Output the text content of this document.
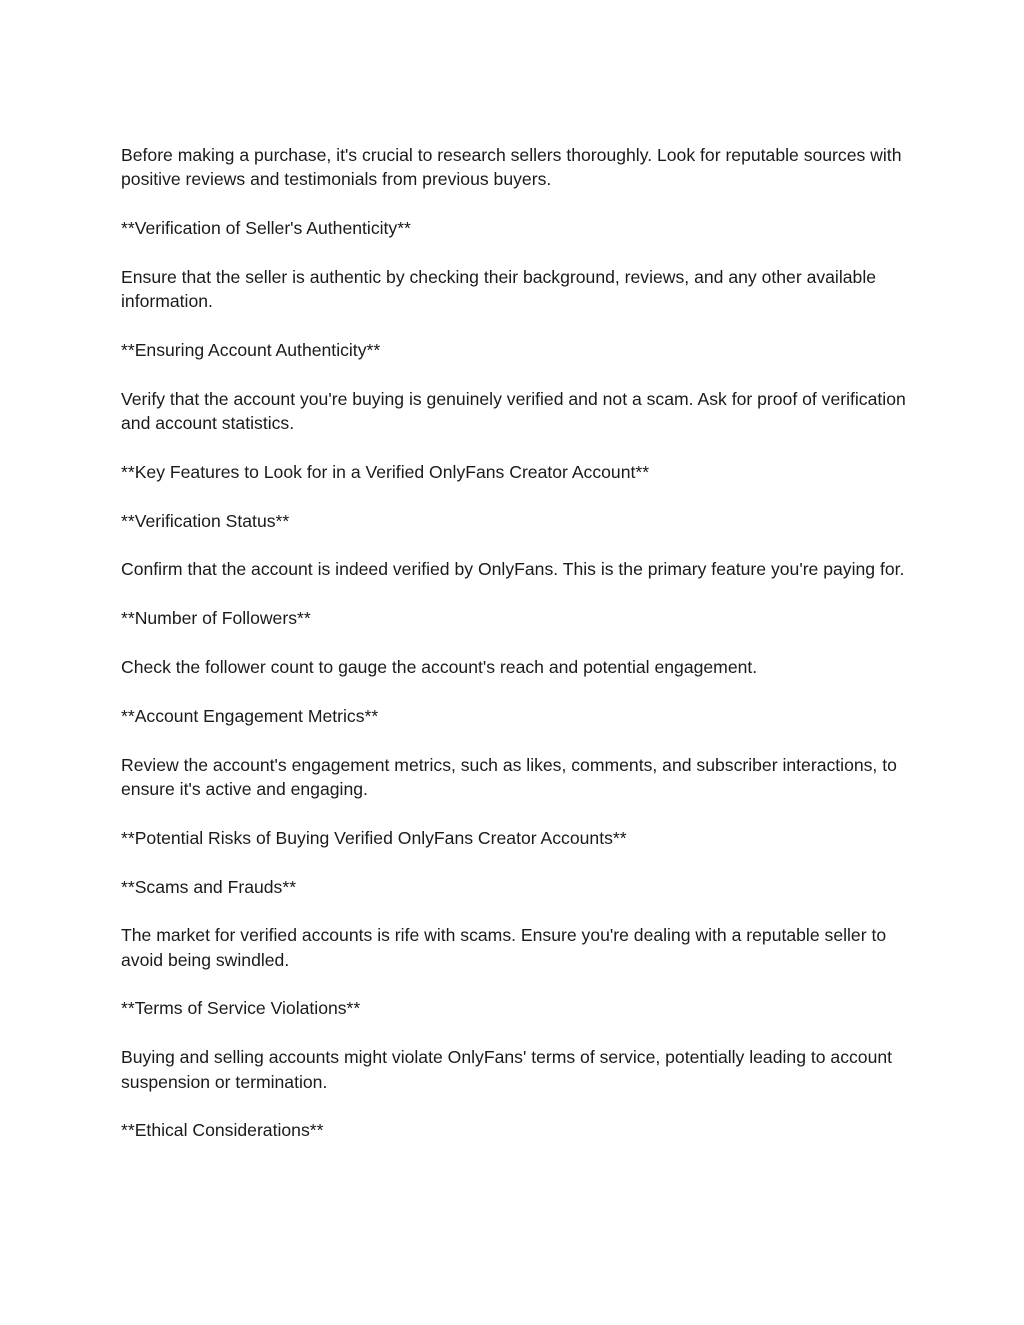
Before making a purchase, it's crucial to research sellers thoroughly. Look for reputable sources with positive reviews and testimonials from previous buyers.

**Verification of Seller's Authenticity**

Ensure that the seller is authentic by checking their background, reviews, and any other available information.

**Ensuring Account Authenticity**

Verify that the account you're buying is genuinely verified and not a scam. Ask for proof of verification and account statistics.

**Key Features to Look for in a Verified OnlyFans Creator Account**

**Verification Status**

Confirm that the account is indeed verified by OnlyFans. This is the primary feature you're paying for.

**Number of Followers**

Check the follower count to gauge the account's reach and potential engagement.

**Account Engagement Metrics**

Review the account's engagement metrics, such as likes, comments, and subscriber interactions, to ensure it's active and engaging.

**Potential Risks of Buying Verified OnlyFans Creator Accounts**

**Scams and Frauds**

The market for verified accounts is rife with scams. Ensure you're dealing with a reputable seller to avoid being swindled.

**Terms of Service Violations**

Buying and selling accounts might violate OnlyFans' terms of service, potentially leading to account suspension or termination.

**Ethical Considerations**
